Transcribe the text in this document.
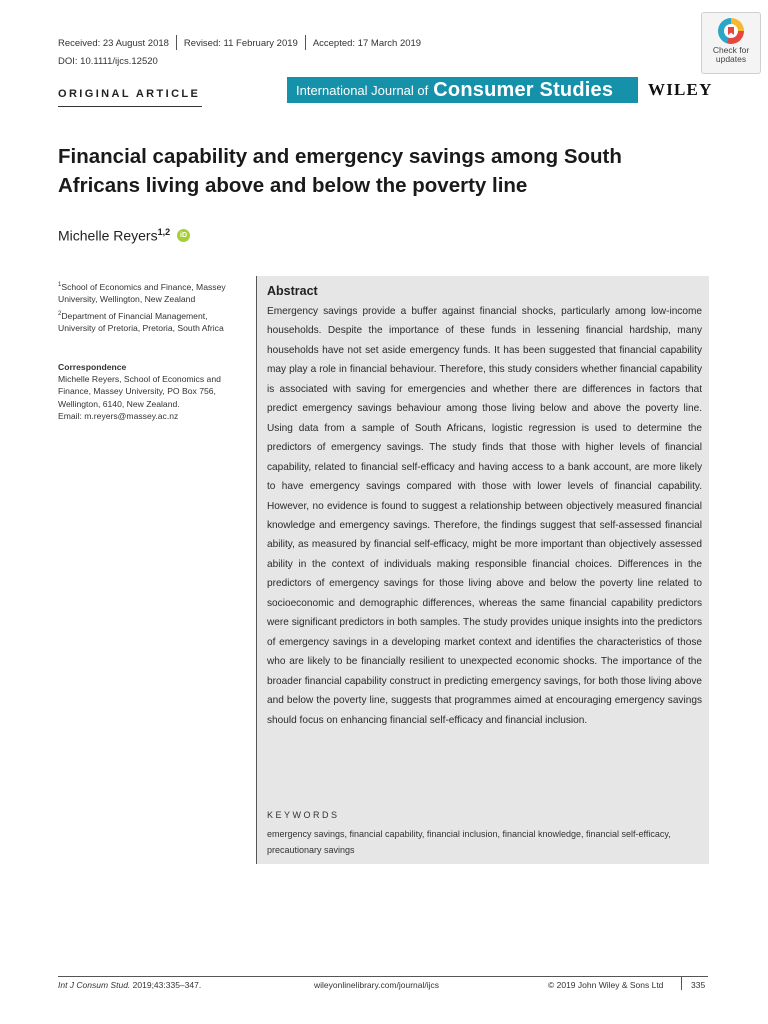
Received: 23 August 2018 Revised: 11 February 2019 Accepted: 17 March 2019
DOI: 10.1111/ijcs.12520
Check for
updates
ORIGINAL ARTICLE	International Journal of Consumer Studies WILEY
Financial capability and emergency savings among South Africans living above and below the poverty line
Michelle Reyers$^{1,2}$ iD
$^1$School of Economics and Finance, Massey University, Wellington, New Zealand
$^2$Department of Financial Management, University of Pretoria, Pretoria, South Africa
Correspondence
Michelle Reyers, School of Economics and
Finance, Massey University, PO Box 756,
Wellington, 6140, New Zealand.
Email: m.reyers@massey.ac.nz
Abstract
Emergency savings provide a buffer against financial shocks, particularly among low-income households. Despite the importance of these funds in lessening financial hardship, many households have not set aside emergency funds. It has been suggested that financial capability may play a role in financial behaviour. Therefore, this study considers whether financial capability is associated with saving for emergencies and whether there are differences in factors that predict emergency savings behaviour among those living below and above the poverty line. Using data from a sample of South Africans, logistic regression is used to determine the predictors of emergency savings. The study finds that those with higher levels of financial capability, related to financial self-efficacy and having access to a bank account, are more likely to have emergency savings compared with those with lower levels of financial capability. However, no evidence is found to suggest a relationship between objectively measured financial knowledge and emergency savings. Therefore, the findings suggest that self-assessed financial ability, as measured by financial self-efficacy, might be more important than objectively assessed ability in the context of individuals making responsible financial choices. Differences in the predictors of emergency savings for those living above and below the poverty line related to socioeconomic and demographic differences, whereas the same financial capability predictors were significant predictors in both samples. The study provides unique insights into the predictors of emergency savings in a developing market context and identifies the characteristics of those who are likely to be financially resilient to unexpected economic shocks. The importance of the broader financial capability construct in predicting emergency savings, for both those living above and below the poverty line, suggests that programmes aimed at encouraging emergency savings should focus on enhancing financial self-efficacy and financial inclusion.
KEYWORDS
emergency savings, financial capability, financial inclusion, financial knowledge, financial self-efficacy, precautionary savings
Int J Consum Stud. 2019;43:335–347.	wileyonlinelibrary.com/journal/ijcs	© 2019 John Wiley & Sons Ltd	335
